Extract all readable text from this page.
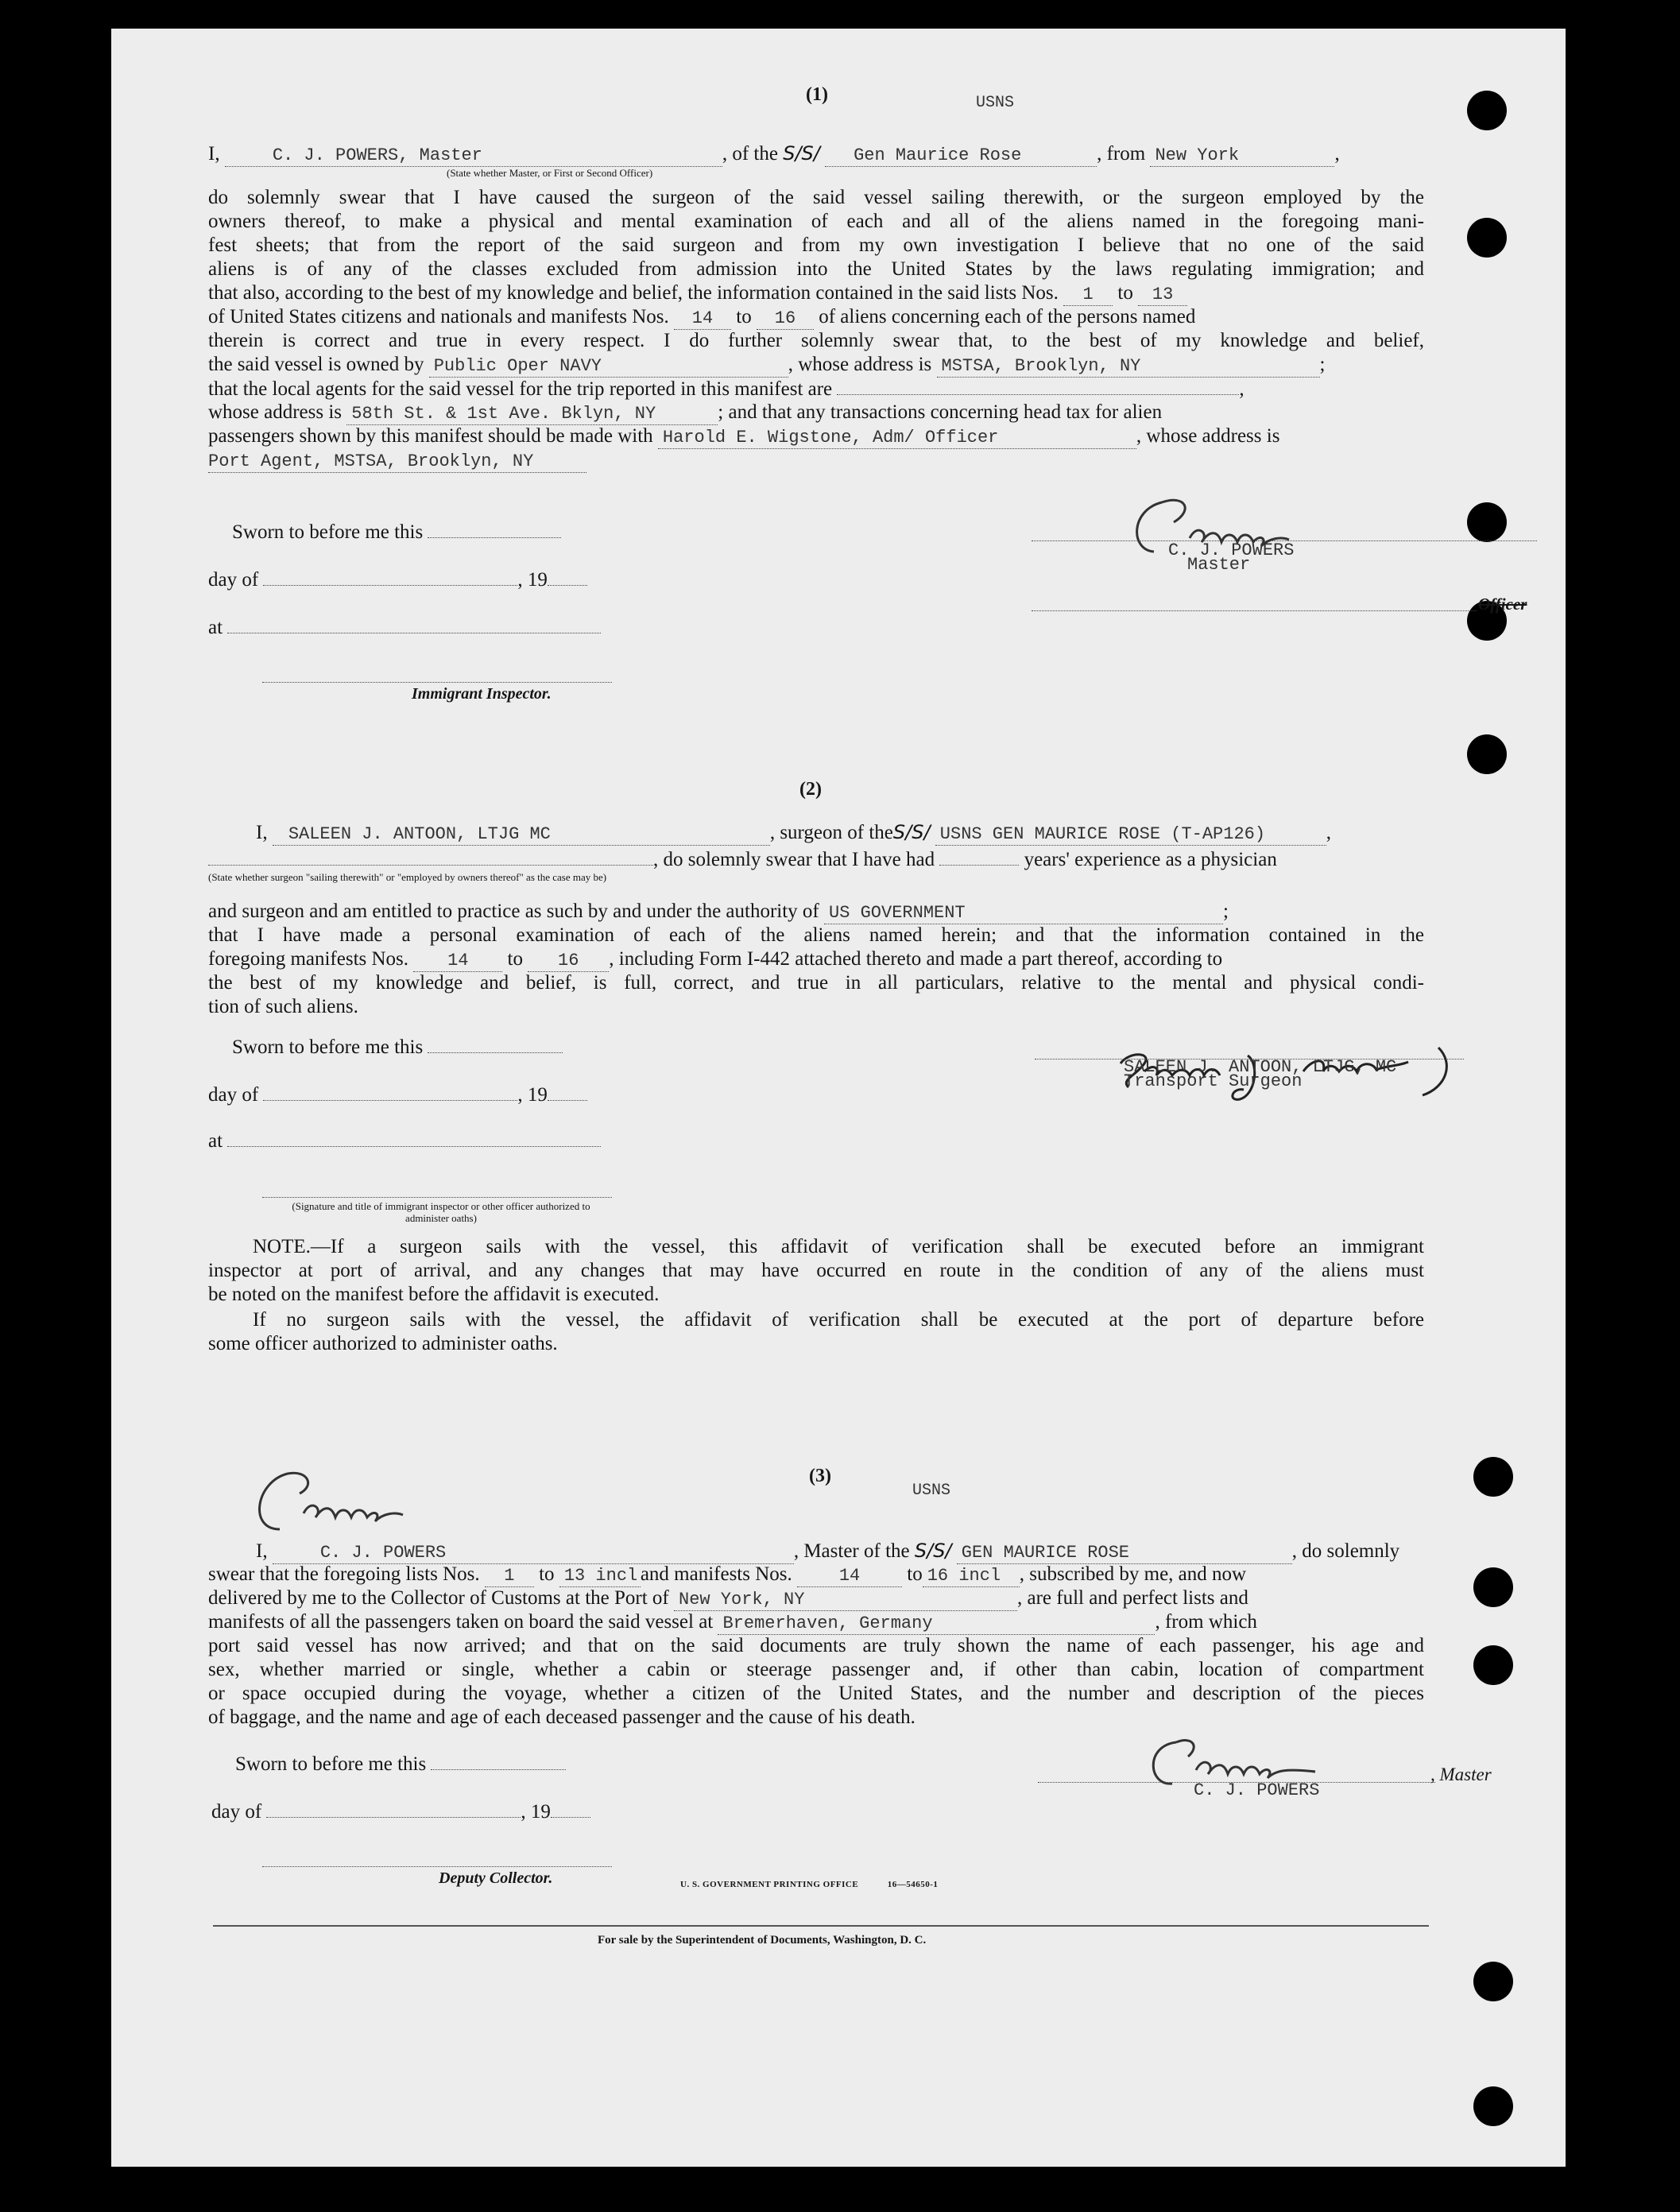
(1)	USNS
I,	C. J. POWERS, Master	, of the S/S/ Gen Maurice Rose	, from New York	,
(State whether Master, or First or Second Officer)
do solemnly swear that I have caused the surgeon of the said vessel sailing therewith, or the surgeon employed by the
owners thereof, to make a physical and mental examination of each and all of the aliens named in the foregoing mani-
fest sheets; that from the report of the said surgeon and from my own investigation I believe that no one of the said
aliens is of any of the classes excluded from admission into the United States by the laws regulating immigration; and
that also, according to the best of my knowledge and belief, the information contained in the said lists Nos. 1 to 13
of United States citizens and nationals and manifests Nos. 14 to 16 of aliens concerning each of the persons named
therein is correct and true in every respect. I do further solemnly swear that, to the best of my knowledge and belief,
the said vessel is owned by Public Oper NAVY	, whose address is MSTSA, Brooklyn, NY	;
that the local agents for the said vessel for the trip reported in this manifest are	,
whose address is 58th St. & 1st Ave. Bklyn, NY	; and that any transactions concerning head tax for alien
passengers shown by this manifest should be made with Harold E. Wigstone, Adm/ Officer	, whose address is
Port Agent, MSTSA, Brooklyn, NY
Sworn to before me this
day of	, 19
at
Immigrant Inspector.
C. J. POWERS
Master
Officer
(2)
I, SALEEN J. ANTOON, LTJG MC	, surgeon of theS/S/ USNS GEN MAURICE ROSE (T-AP126)	,
, do solemnly swear that I have had	years' experience as a physician
(State whether surgeon "sailing therewith" or "employed by owners thereof" as the case may be)
and surgeon and am entitled to practice as such by and under the authority of US GOVERNMENT	;
that I have made a personal examination of each of the aliens named herein; and that the information contained in the
foregoing manifests Nos. 14 to 16 , including Form I-442 attached thereto and made a part thereof, according to
the best of my knowledge and belief, is full, correct, and true in all particulars, relative to the mental and physical condi-
tion of such aliens.
Sworn to before me this
day of	, 19
at
(Signature and title of immigrant inspector or other officer authorized to administer oaths)
SALEEN J. ANTOON, LTJG, MC
Transport Surgeon
NOTE.—If a surgeon sails with the vessel, this affidavit of verification shall be executed before an immigrant
inspector at port of arrival, and any changes that may have occurred en route in the condition of any of the aliens must
be noted on the manifest before the affidavit is executed.
If no surgeon sails with the vessel, the affidavit of verification shall be executed at the port of departure before
some officer authorized to administer oaths.
(3)
USNS
I,	C. J. POWERS	, Master of the S/S/ GEN MAURICE ROSE	, do solemnly
swear that the foregoing lists Nos. 1 to 13 incl and manifests Nos.	14 to 16 incl , subscribed by me, and now
delivered by me to the Collector of Customs at the Port of New York, NY	, are full and perfect lists and
manifests of all the passengers taken on board the said vessel at Bremerhaven, Germany	, from which
port said vessel has now arrived; and that on the said documents are truly shown the name of each passenger, his age and
sex, whether married or single, whether a cabin or steerage passenger and, if other than cabin, location of compartment
or space occupied during the voyage, whether a citizen of the United States, and the number and description of the pieces
of baggage, and the name and age of each deceased passenger and the cause of his death.
Sworn to before me this
day of	, 19
Deputy Collector.
C. J. POWERS
, Master
U. S. GOVERNMENT PRINTING OFFICE	16—54650-1
For sale by the Superintendent of Documents, Washington, D. C.
